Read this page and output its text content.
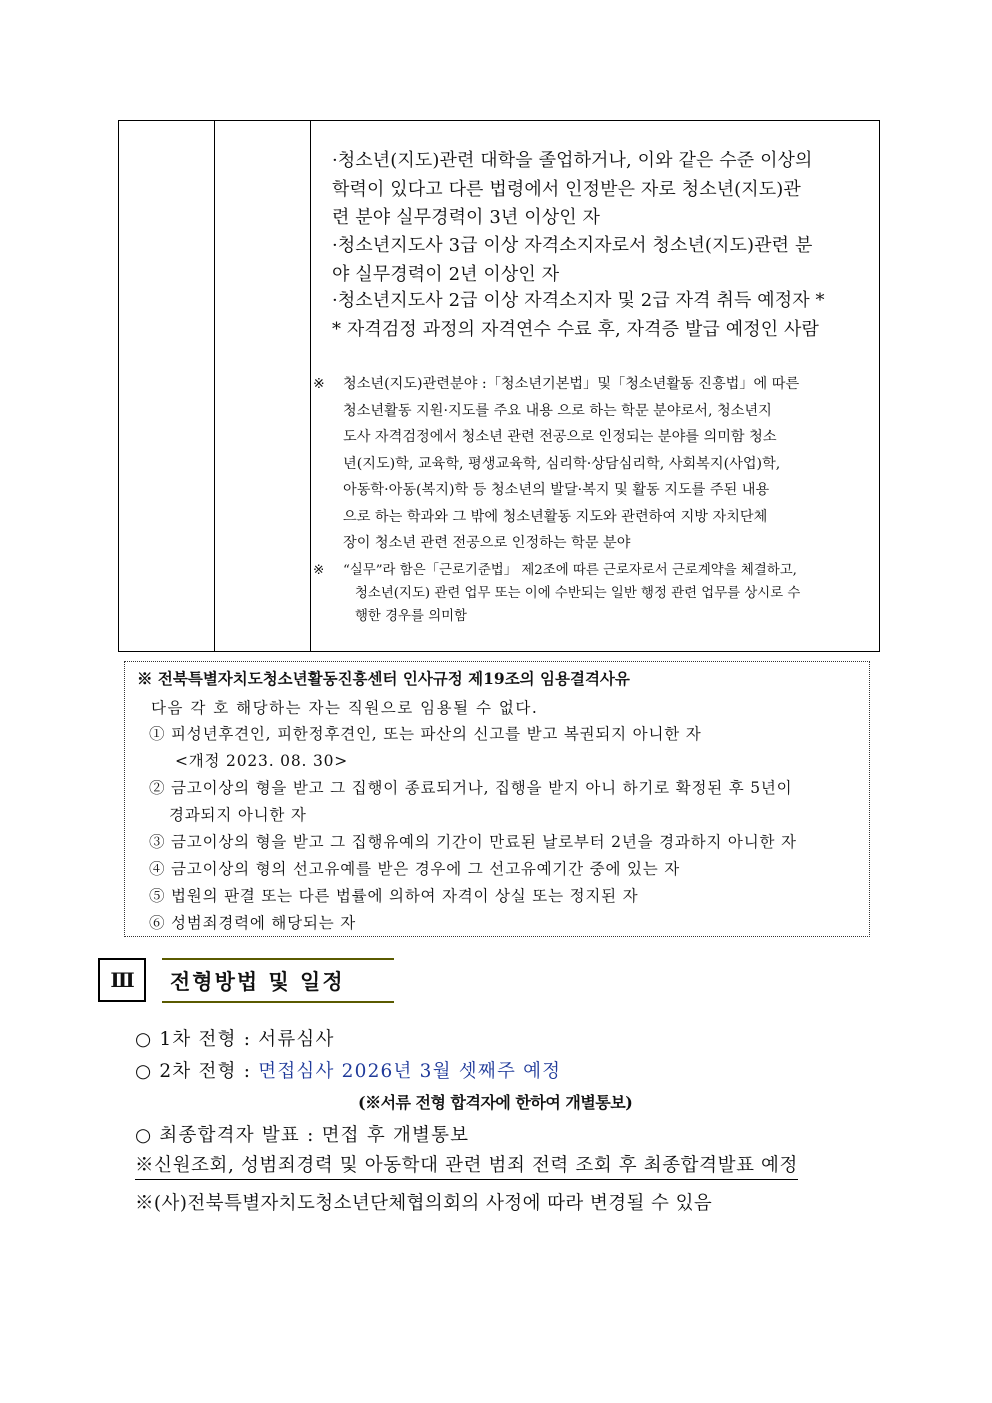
·청소년(지도)관련 대학을 졸업하거나, 이와 같은 수준 이상의
학력이 있다고 다른 법령에서 인정받은 자로 청소년(지도)관
련 분야 실무경력이 3년 이상인 자
·청소년지도사 3급 이상 자격소지자로서 청소년(지도)관련 분
야 실무경력이 2년 이상인 자
·청소년지도사 2급 이상 자격소지자 및 2급 자격 취득 예정자 *
* 자격검정 과정의 자격연수 수료 후, 자격증 발급 예정인 사람
※	청소년(지도)관련분야 :「청소년기본법」및「청소년활동 진흥법」에 따른
청소년활동 지원·지도를 주요 내용 으로 하는 학문 분야로서, 청소년지
도사 자격검정에서 청소년 관련 전공으로 인정되는 분야를 의미함 청소
년(지도)학, 교육학, 평생교육학, 심리학·상담심리학, 사회복지(사업)학,
아동학·아동(복지)학 등 청소년의 발달·복지 및 활동 지도를 주된 내용
으로 하는 학과와 그 밖에 청소년활동 지도와 관련하여 지방 자치단체
장이 청소년 관련 전공으로 인정하는 학문 분야
※	“실무”라 함은「근로기준법」 제2조에 따른 근로자로서 근로계약을 체결하고,
청소년(지도) 관련 업무 또는 이에 수반되는 일반 행정 관련 업무를 상시로 수
행한 경우를 의미함
※ 전북특별자치도청소년활동진흥센터 인사규정 제19조의 임용결격사유
다음 각 호 해당하는 자는 직원으로 임용될 수 없다.
① 피성년후견인, 피한정후견인, 또는 파산의 신고를 받고 복권되지 아니한 자
<개정 2023. 08. 30>
② 금고이상의 형을 받고 그 집행이 종료되거나, 집행을 받지 아니 하기로 확정된 후 5년이
경과되지 아니한 자
③ 금고이상의 형을 받고 그 집행유예의 기간이 만료된 날로부터 2년을 경과하지 아니한 자
④ 금고이상의 형의 선고유예를 받은 경우에 그 선고유예기간 중에 있는 자
⑤ 법원의 판결 또는 다른 법률에 의하여 자격이 상실 또는 정지된 자
⑥ 성범죄경력에 해당되는 자
Ⅲ	전형방법 및 일정
○ 1차 전형 : 서류심사
○ 2차 전형 : 면접심사 2026년 3월 셋째주 예정
(※서류 전형 합격자에 한하여 개별통보)
○ 최종합격자 발표 : 면접 후 개별통보
※신원조회, 성범죄경력 및 아동학대 관련 범죄 전력 조회 후 최종합격발표 예정
※(사)전북특별자치도청소년단체협의회의 사정에 따라 변경될 수 있음
